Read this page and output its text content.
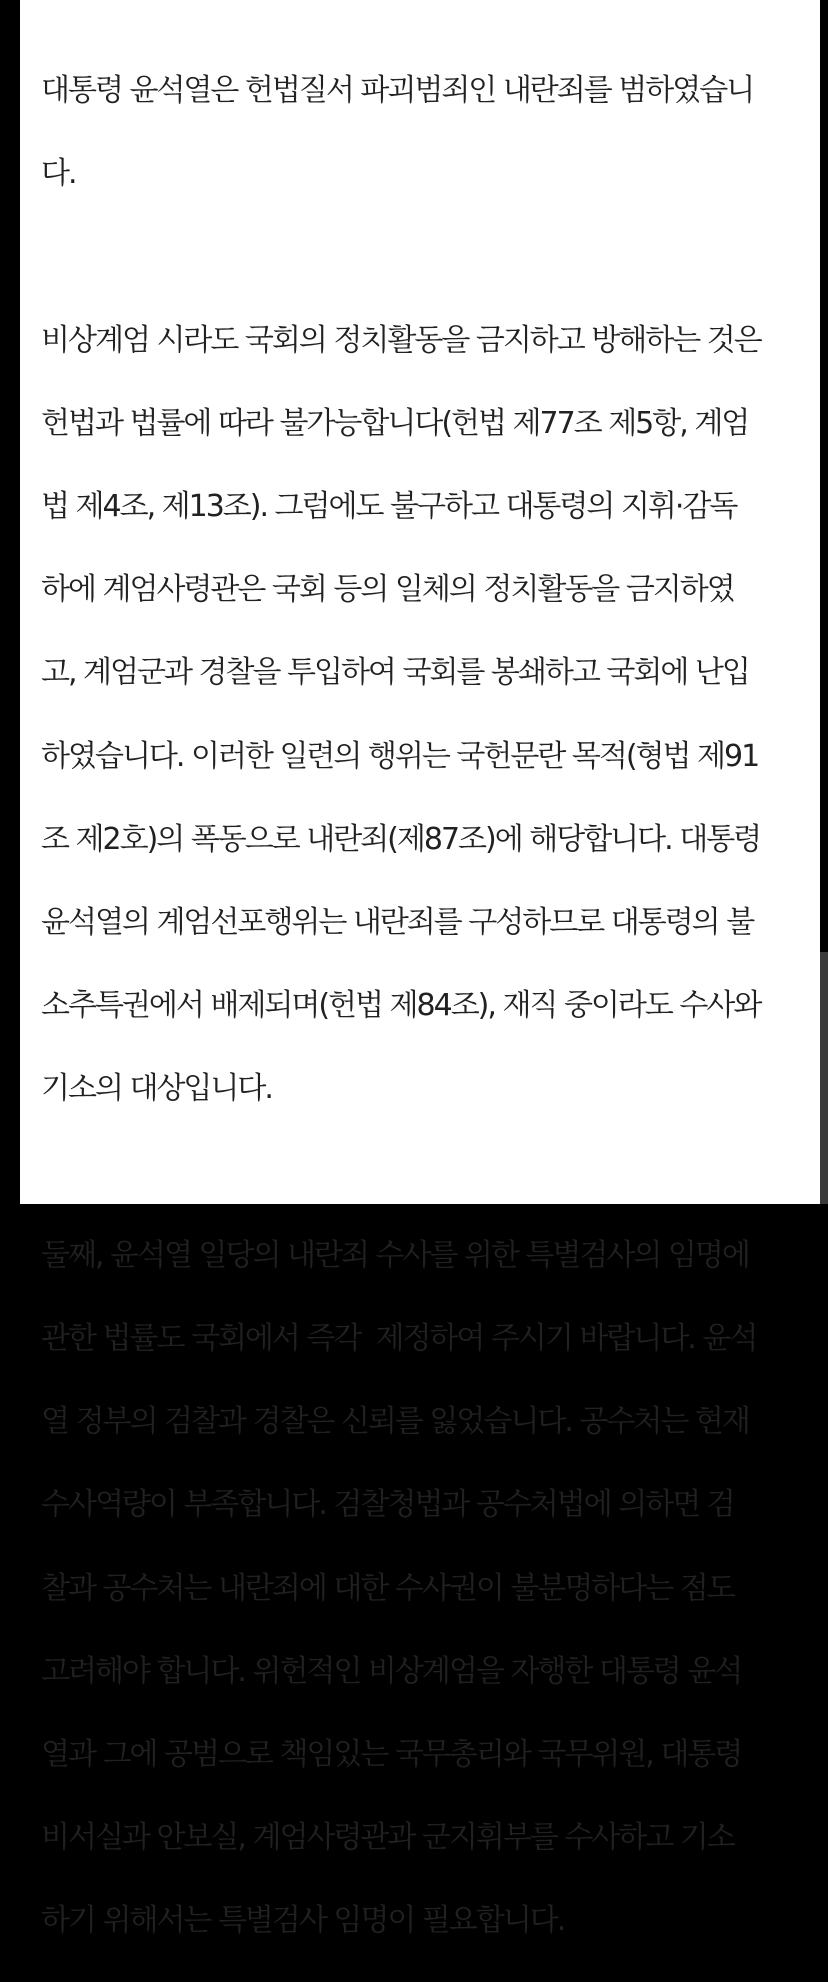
대통령 윤석열은 헌법질서 파괴범죄인 내란죄를 범하였습니

다.

비상계엄 시라도 국회의 정치활동을 금지하고 방해하는 것은

헌법과 법률에 따라 불가능합니다(헌법 제77조 제5항, 계엄

법 제4조, 제13조). 그럼에도 불구하고 대통령의 지휘·감독

하에 계엄사령관은 국회 등의 일체의 정치활동을 금지하였

고, 계엄군과 경찰을 투입하여 국회를 봉쇄하고 국회에 난입

하였습니다. 이러한 일련의 행위는 국헌문란 목적(형법 제91

조 제2호)의 폭동으로 내란죄(제87조)에 해당합니다. 대통령

윤석열의 계엄선포행위는 내란죄를 구성하므로 대통령의 불

소추특권에서 배제되며(헌법 제84조), 재직 중이라도 수사와

기소의 대상입니다.

둘째, 윤석열 일당의 내란죄 수사를 위한 특별검사의 임명에

관한 법률도 국회에서 즉각  제정하여 주시기 바랍니다. 윤석

열 정부의 검찰과 경찰은 신뢰를 잃었습니다. 공수처는 현재

수사역량이 부족합니다. 검찰청법과 공수처법에 의하면 검

찰과 공수처는 내란죄에 대한 수사권이 불분명하다는 점도

고려해야 합니다. 위헌적인 비상계엄을 자행한 대통령 윤석

열과 그에 공범으로 책임있는 국무총리와 국무위원, 대통령

비서실과 안보실, 계엄사령관과 군지휘부를 수사하고 기소

하기 위해서는 특별검사 임명이 필요합니다.
